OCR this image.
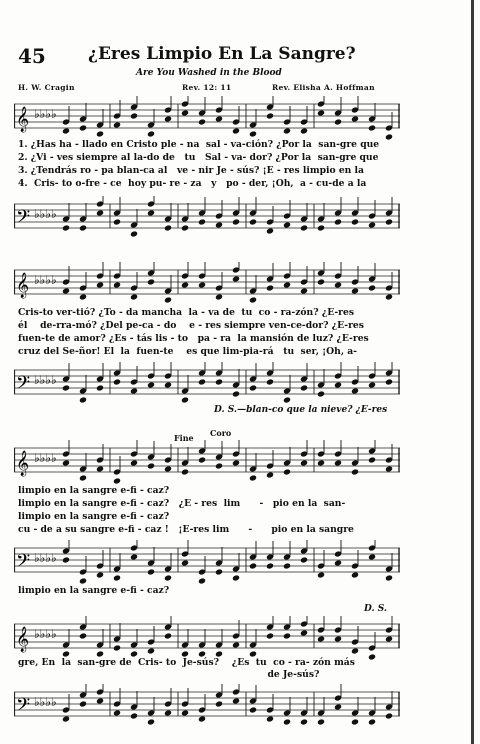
45 ¿Eres Limpio En La Sangre?
Are You Washed in the Blood
H. W. Cragin	Rev. 12: 11	Rev. Elisha A. Hoffman
𝄞 ♭♭♭♭
1. ¿Has ha - llado en Cristo ple - na  sal - va-ción? ¿Por la  san-gre que
2. ¿Vi - ves siempre al la-do de   tu   Sal - va- dor? ¿Por la  san-gre que
3. ¿Tendrás ro - pa blan-ca al   ve - nir Je - sús? ¡E - res limpio en la
4.  Cris- to o-fre - ce  hoy pu- re - za   y   po - der, ¡Oh,  a - cu-de a la
𝄢 ♭♭♭♭
𝄞 ♭♭♭♭
Cris-to ver-tió? ¿To - da mancha  la - va de  tu  co - ra-zón? ¿E-res
él    de-rra-mó? ¿Del pe-ca - do    e - res siempre ven-ce-dor? ¿E-res
fuen-te de amor? ¿Es - tás lis - to   pa - ra  la mansión de luz? ¿E-res
cruz del Se-ñor! El  la  fuen-te    es que lim-pia-rá   tu  ser, ¡Oh, a-
𝄢 ♭♭♭♭
D. S.—blan-co que la nieve? ¿E-res
Fine Coro
𝄞 ♭♭♭♭
limpio en la sangre e-fi - caz?
limpio en la sangre e-fi - caz?   ¿E - res  lim      -   pio en la  san-
limpio en la sangre e-fi - caz?
cu - de a su sangre e-fi - caz !   ¡E-res lim      -      pio en la sangre
𝄢 ♭♭♭♭
limpio en la sangre e-fi - caz?
D. S.
𝄞 ♭♭♭♭
gre, En  la  san-gre de  Cris- to  Je-sús?    ¿Es  tu  co - ra- zón más
de Je-sús?
𝄢 ♭♭♭♭
